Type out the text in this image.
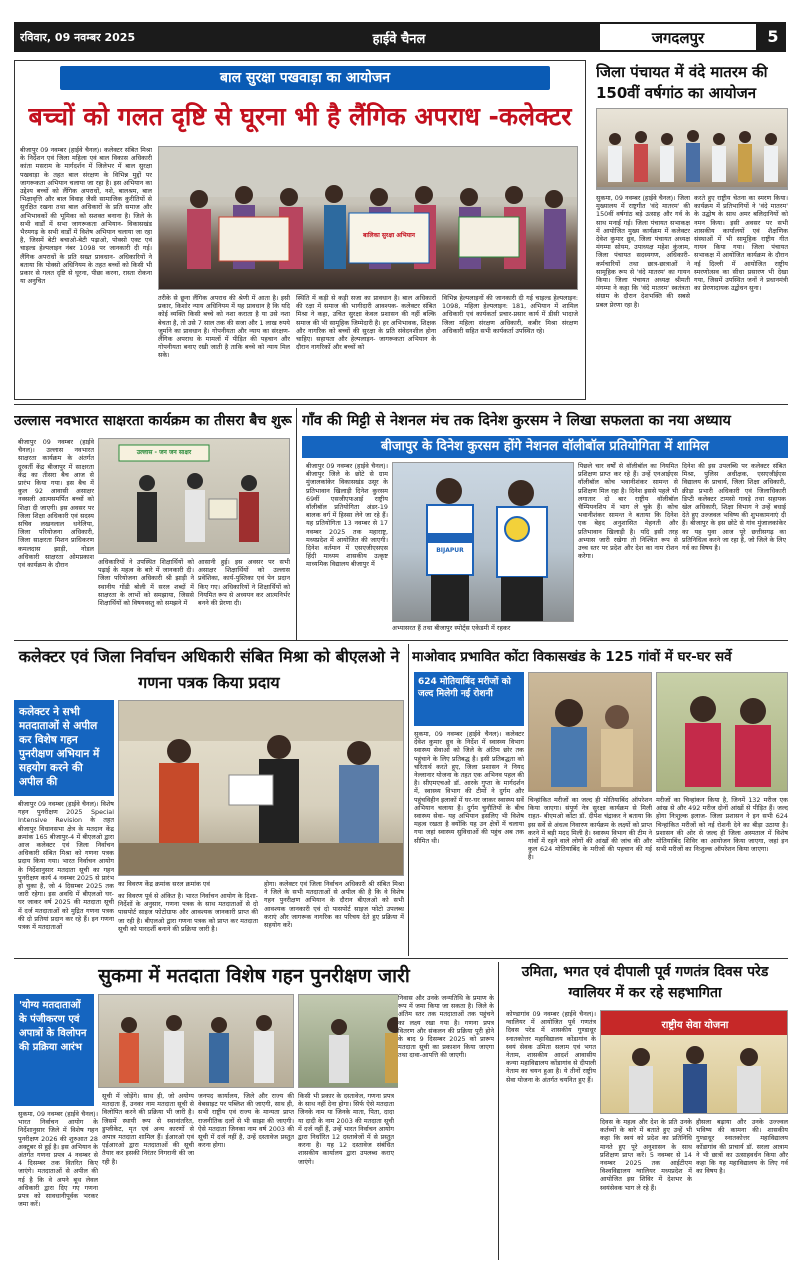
रविवार, 09 नवम्बर 2025	हाईवे चैनल	जगदलपुर	5
बाल सुरक्षा पखवाड़ा का आयोजन
बच्चों को गलत दृष्टि से घूरना भी है लैंगिक अपराध -कलेक्टर
बीजापुर 09 नवम्बर (हाईवे चैनल)। कलेक्टर संबित मिश्रा के निर्देशन एवं जिला महिला एवं बाल विकास अधिकारी कांता मसराम के मार्गदर्शन में जिलेभर में बाल सुरक्षा पखवाड़ा के तहत बाल संरक्षण के विभिन्न मुद्दों पर जागरूकता अभियान चलाया जा रहा है। इस अभियान का उद्देश्य बच्चों को लैंगिक अपराधों, नशे, बालश्रम, बाल भिक्षावृत्ति और बाल विवाह जैसी सामाजिक कुरीतियों से सुरक्षित रखना तथा बाल अधिकारों के प्रति समाज और अभिभावकों की भूमिका को सशक्त बनाना है। जिले के सभी वार्डों में सभा जागरूकता अभियान- विकासखंड भैरमगढ़ के सभी वार्डों में विशेष अभियान चलाया जा रहा है, जिसमें बेटी बचाओ-बेटी पढ़ाओ, पोक्सो एक्ट एवं चाइल्ड हेल्पलाइन नंबर 1098 पर जानकारी दी गई। लैंगिक अपराधों के प्रति सख्त प्रावधान- अधिकारियों ने बताया कि पोक्सो अधिनियम के तहत बच्चों को किसी भी प्रकार से गलत दृष्टि से घूरना, पीछा करना, रास्ता रोकना या अनुचित
बालिका सुरक्षा अभियान
तरीके से छूना लैंगिक अपराध की श्रेणी में आता है। इसी प्रकार, किशोर न्याय अधिनियम में यह प्रावधान है कि यदि कोई व्यक्ति किसी बच्चे को नशा कराता है या उसे नशा बेचता है, तो उसे 7 साल तक की सजा और 1 लाख रुपये जुर्माने का प्रावधान है। गोपनीयता और न्याय का संरक्षण- लैंगिक अपराध के मामलों में पीड़ित की पहचान और गोपनीयता बनाए रखी जाती है ताकि बच्चे को न्याय मिल सके।
स्थिति में कड़ी से कड़ी सजा का प्रावधान है। बाल अधिकारों की रक्षा में समाज की भागीदारी आवश्यक- कलेक्टर संबित मिश्रा ने कहा, उचित सुरक्षा केवल प्रशासन की नहीं बल्कि समाज की भी सामूहिक जिम्मेदारी है। हर अभिभावक, शिक्षक और नागरिक को बच्चों की सुरक्षा के प्रति संवेदनशील होना चाहिए। सहायता और हेल्पलाइन- जागरूकता अभियान के दौरान नागरिकों और बच्चों को
विभिन्न हेल्पलाइनों की जानकारी दी गई चाइल्ड हेल्पलाइन: 1098, महिला हेल्पलाइन: 181, अभियान में शामिल अधिकारी एवं कार्यकर्ता प्रचार-प्रसार कार्य में डीसी भादाजे जिला महिला संरक्षण अधिकारी, कबीर मिश्रा संरक्षण अधिकारी सहित सभी कार्यकर्ता उपस्थित रहे।
जिला पंचायत में वंदे मातरम की 150वीं वर्षगांठ का आयोजन
सुकमा, 09 नवम्बर (हाईवे चैनल)। जिला मुख्यालय में राष्ट्रगीत 'वंदे मातरम' की 150वीं वर्षगांठ बड़े उत्साह और गर्व के साथ मनाई गई। जिला पंचायत सभाकक्ष में आयोजित मुख्य कार्यक्रम में कलेक्टर देवेश कुमार ध्रुव, जिला पंचायत अध्यक्ष मंगम्मा सोयम, उपाध्यक्ष महेश कुंजाम, जिला पंचायत सदस्यगण, अधिकारी-कर्मचारियों तथा छात्र-छात्राओं ने सामूहिक रूप से 'वंदे मातरम' का गायन किया। जिला पंचायत अध्यक्ष श्रीमती मंगम्मा ने कहा कि 'वंदे मातरम' स्वतंत्रता संग्राम के दौरान देशभक्ति की सबसे प्रबल प्रेरणा रहा है।
करते हुए राष्ट्रीय चेतना का स्मरण किया। कार्यक्रम में प्रतिभागियों ने 'वंदे मातरम' के उद्घोष के साथ अमर बलिदानियों को नमन किया। इसी अवसर पर सभी शासकीय कार्यालयों एवं शैक्षणिक संस्थाओं में भी सामूहिक राष्ट्रीय गीत गायन किया गया। जिला पंचायत सभाकक्ष में आयोजित कार्यक्रम के दौरान नई दिल्ली में आयोजित राष्ट्रीय स्मरणोत्सव का सीधा प्रसारण भी देखा गया, जिसमें उपस्थित जनों ने प्रधानमंत्री का प्रेरणादायक उद्बोधन सुना।
उल्लास नवभारत साक्षरता कार्यक्रम का तीसरा बैच शुरू
बीजापुर 09 नवम्बर (हाईवे चैनल)। उल्लास नवभारत साक्षरता कार्यक्रम के अंतर्गत दूरवर्ती केंद्र बीजापुर में साक्षरता केंद्र का तीसरा बैच आज से प्रारंभ किया गया। इस बैच में कुल 92 आवासी असाक्षर नक्सली आत्मसमर्पित बच्चों को शिक्षा दी जाएगी। इस अवसर पर जिला शिक्षा अधिकारी एवं सदस्य सचिव लखनलाल धनेलिया, जिला परियोजना अधिकारी, जिला साक्षरता मिशन प्राधिकरण कमलदास झाड़ी, नोडल अधिकारी साक्षरता ओमप्रकाश एवं कार्यक्रम के दौरान
उल्लास - जन जन साक्षर
अधिकारियों ने उपस्थित शिक्षार्थियों को पढ़ाई के महत्व के बारे में जानकारी दी। जिला परियोजना अधिकारी श्री झाड़ी ने स्थानीय गोंडी बोली में सरल शब्दों में साक्षरता के लाभों को समझाया, जिससे शिक्षार्थियों को विषयवस्तु को समझने में
आसानी हुई। इस अवसर पर सभी असाक्षर शिक्षार्थियों को उल्लास प्रवेशिका, कार्य-पुस्तिका एवं पेन प्रदान किए गए। अधिकारियों ने शिक्षार्थियों को नियमित रूप से अध्ययन कर आत्मनिर्भर बनने की प्रेरणा दी।
गाँव की मिट्टी से नेशनल मंच तक दिनेश कुरसम ने लिखा सफलता का नया अध्याय
बीजापुर के दिनेश कुरसम होंगे नेशनल वॉलीबॉल प्रतियोगिता में शामिल
बीजापुर 09 नवम्बर (हाईवे चैनल)। बीजापुर जिले के छोटे से ग्राम मुंजालकांकेर विकासखंड उसूर के प्रतिभावान खिलाड़ी दिनेश कुरसम 69वीं एसजीएफआई राष्ट्रीय वॉलीबॉल प्रतियोगिता अंडर-19 बालक वर्ग में हिस्सा लेने जा रहे हैं। यह प्रतियोगिता 13 नवम्बर से 17 नवम्बर 2025 तक महाराष्ट्र, मध्यप्रदेश में आयोजित की जाएगी। दिनेश वर्तमान में एसएजीएसएस हिंदी माध्यम शासकीय उत्कृष्ट माध्यमिक विद्यालय बीजापुर में
BIJAPUR
अभ्यासरत हैं तथा बीजापुर स्पोर्ट्स एकेडमी में रहकर
पिछले चार वर्षों से वॉलीबॉल का नियमित प्रशिक्षण प्राप्त कर रहे हैं। उन्हें एनआईएस वॉलीबॉल कोच भवानीशंकर सामन्त से प्रशिक्षण मिल रहा है। दिनेश इससे पहले भी लगातार दो बार राष्ट्रीय वॉलीबॉल चैम्पियनशिप में भाग ले चुके हैं। कोच भवानीशंकर सामन्त ने बताया कि दिनेश एक बेहद अनुशासित मेहनती और प्रतिभावान खिलाड़ी है। यदि इसी तरह अभ्यास जारी रखेगा तो निश्चित रूप से उच्च स्तर पर प्रदेश और देश का नाम रोशन करेगा।
दिनेश की इस उपलब्धि पर कलेक्टर संबित मिश्रा, पुलिस अधीक्षक, एसएजीईएस विद्यालय के प्राचार्य, जिला शिक्षा अधिकारी, क्रीड़ा प्रभारी अधिकारी एवं जिलाधिकारी डिप्टी कलेक्टर टामसो गावड़े तथा सहायक खेल अधिकारी, शिक्षा विभाग ने उन्हें बधाई देते हुए उज्जवल भविष्य की शुभकामनाएं दी हैं। बीजापुर के इस छोटे से गांव मुंजालकांकेर का यह युवा आज पूरे छत्तीसगढ़ का प्रतिनिधित्व करने जा रहा है, जो जिले के लिए गर्व का विषय है।
कलेक्टर एवं जिला निर्वाचन अधिकारी संबित मिश्रा को बीएलओ ने गणना पत्रक किया प्रदाय
कलेक्टर ने सभी मतदाताओं से अपील कर विशेष गहन पुनरीक्षण अभियान में सहयोग करने की अपील की
बीजापुर 09 नवम्बर (हाईवे चैनल)। विशेष गहन पुनरीक्षण 2025 Special Intensive Revision के तहत बीजापुर विधानसभा क्षेत्र के मतदान केंद्र क्रमांक 165 बीजापुर-4 में बीएलओ द्वारा आज कलेक्टर एवं जिला निर्वाचन अधिकारी संबित मिश्रा को गणना पत्रक प्रदाय किया गया। भारत निर्वाचन आयोग के निर्देशानुसार मतदाता सूची का गहन पुनरीक्षण कार्य 4 नवम्बर 2025 से प्रारंभ हो चुका है, जो 4 दिसम्बर 2025 तक जारी रहेगा। इस अवधि में बीएलओ घर-घर जाकर वर्ष 2025 की मतदाता सूची में दर्ज मतदाताओं को मुद्रित गणना पत्रक की दो प्रतियां प्रदान कर रहे हैं। इन गणना पत्रक में मतदाताओं
का विवरण केंद्र क्रमांक सरल क्रमांक एवं
का विवरण पूर्व से अंकित है। भारत निर्वाचन आयोग के दिशा-निर्देशों के अनुसार, गणना पत्रक के साथ मतदाताओं से दो पासपोर्ट साइज फोटोग्राफ और आवश्यक जानकारी प्राप्त की जा रही है। बीएलओ द्वारा गणना पत्रक को प्राप्त कर मतदाता सूची को पारदर्शी बनाने की प्रक्रिया जारी है।
होगा। कलेक्टर एवं जिला निर्वाचन अधिकारी श्री संबित मिश्रा ने जिले के सभी मतदाताओं से अपील की है कि वे विशेष गहन पुनरीक्षण अभियान के दौरान बीएलओ को सभी आवश्यक जानकारी एवं दो पासपोर्ट साइज फोटो उपलब्ध कराएं और जागरूक नागरिक का परिचय देते हुए प्रक्रिया में सहयोग करें।
माओवाद प्रभावित कोंटा विकासखंड के 125 गांवों में घर-घर सर्वे
624 मोतियाबिंद मरीजों को जल्द मिलेगी नई रोशनी
सुकमा, 09 नवम्बर (हाईवे चैनल)। कलेक्टर देवेश कुमार ध्रुव के निर्देश में स्वास्थ्य विभाग स्वास्थ्य सेवाओं को जिले के अंतिम छोर तक पहुंचाने के लिए प्रतिबद्ध है। इसी प्रतिबद्धता को चरितार्थ करते हुए, जिला प्रशासन ने नियद नेल्लानार योजना के तहत एक अभिनव पहल की है। सीएमएचओ डॉ. आरके गुप्ता के मार्गदर्शन में, स्वास्थ्य विभाग की टीमों ने दुर्गम और पहुंचविहीन इलाकों में घर-घर जाकर स्वास्थ्य सर्वे अभियान चलाया है। दुर्गम चुनौतियों के बीच स्वास्थ्य सेवा- यह अभियान इसलिए भी विशेष महत्व रखता है क्योंकि यह उन क्षेत्रों में चलाया गया जहां स्वास्थ्य सुविधाओं की पहुंच अब तक सीमित थी।
चिन्हांकित मरीजों का जल्द ही मोतियाबिंद ऑपरेशन किया जाएगा। संपूर्ण नेत्र सुरक्षा कार्यक्रम से मिली राहत- बीएमओ कोंटा डॉ. दीपेश चंद्राकर ने बताया कि इस सर्वे से अंधत्व निवारण कार्यक्रम के लक्ष्यों को प्राप्त करने में बड़ी मदद मिली है। स्वास्थ्य विभाग की टीम ने गांवों में रहने वाले लोगों की आंखों की जांच की और कुल 624 मोतियाबिंद के मरीजों की पहचान की गई है।
मरीजों का चिन्हांकन किया है, जिनमें 132 मरीज एक आंख से और 492 मरीज दोनों आंखों से पीड़ित हैं। जल्द होगा निःशुल्क इलाज- जिला प्रशासन ने इन सभी 624 चिन्हांकित मरीजों को नई रोशनी देने का बीड़ा उठाया है। प्रशासन की ओर से जल्द ही जिला अस्पताल में विशेष मोतियाबिंद शिविर का आयोजन किया जाएगा, जहां इन सभी मरीजों का निःशुल्क ऑपरेशन किया जाएगा।
सुकमा में मतदाता विशेष गहन पुनरीक्षण जारी
'योग्य मतदाताओं के पंजीकरण एवं अपात्रों के विलोपन की प्रक्रिया आरंभ
सुकमा, 09 नवम्बर (हाईवे चैनल)। भारत निर्वाचन आयोग के निर्देशानुसार जिले में विशेष गहन पुनरीक्षण 2026 की शुरुआत 28 अक्टूबर से हुई है। इस अभियान के अंतर्गत गणना प्रपत्र 4 नवम्बर से 4 दिसम्बर तक वितरित किए जाएंगे। मतदाताओं से अपील की गई है कि वे अपने बूथ लेवल अधिकारी द्वारा दिए गए गणना प्रपत्र को सावधानीपूर्वक भरकर जमा करें।
सूची में जोड़ेंगे। साथ ही, जो अयोग्य मतदाता हैं, उनका नाम मतदाता सूची से विलोपित करने की प्रक्रिया भी जारी है। जिसमें स्थायी रूप से स्थानांतरित, डुप्लीकेट, मृत एवं अन्य कारणों से अपात्र मतदाता शामिल हैं। ईआरओ एवं एईआरओ द्वारा मतदाताओं की सूची तैयार कर इसकी निरंतर निगरानी की जा रही है।
जनपद कार्यालय, जिले और राज्य की वेबसाइट पर पब्लिश की जाएगी, साथ ही, सभी राष्ट्रीय एवं राज्य के मान्यता प्राप्त राजनीतिक दलों से भी साझा की जाएगी। ऐसे मतदाता जिनका नाम वर्ष 2003 की सूची में दर्ज नहीं है, उन्हें दस्तावेज प्रस्तुत करना होगा।
किसी भी प्रकार के दस्तावेज, गणना प्रपत्र के साथ नहीं देना होगा। सिर्फ ऐसे मतदाता जिनके नाम या जिनके माता, पिता, दादा या दादी के नाम 2003 की मतदाता सूची में दर्ज नहीं हैं, उन्हें भारत निर्वाचन आयोग द्वारा निर्धारित 12 दस्तावेजों में से प्रस्तुत करना है। यह 12 दस्तावेज संबंधित शासकीय कार्यालय द्वारा उपलब्ध कराए जाएंगे।
निवास और उनके जन्मतिथि के प्रमाण के रूप में जमा किया जा सकता है। जिले के अंतिम स्तर तक मतदाताओं तक पहुंचने का लक्ष्य रखा गया है। गणना प्रपत्र वितरण और संकलन की प्रक्रिया पूरी होने के बाद 9 दिसम्बर 2025 को प्रारूप मतदाता सूची का प्रकाशन किया जाएगा तथा दावा-आपत्ति की जाएगी।
उमिता, भगत एवं दीपाली पूर्व गणतंत्र दिवस परेड ग्वालियर में कर रहे सहभागिता
कोण्डागांव 09 नवम्बर (हाईवे चैनल)। ग्वालियर में आयोजित पूर्व गणतंत्र दिवस परेड में शासकीय गुण्डाधूर स्नातकोत्तर महाविद्यालय कोंडागांव के स्वयं सेवक उमिता सलाम एवं भगत नेताम, शासकीय आदर्श आवासीय कन्या महाविद्यालय कोंडागांव से दीपाली नेताम का चयन हुआ है। ये तीनों राष्ट्रीय सेवा योजना के अंतर्गत चयनित हुए हैं।
राष्ट्रीय सेवा योजना
दिवस के महत्व और देश के प्रति उनके कर्तव्यों के बारे में बताते हुए उन्हें भी कहा कि स्वयं को प्रदेश का प्रतिनिधि मानते हुए पूरे अनुशासन के साथ प्रशिक्षण प्राप्त करें। 5 नवम्बर से 14 नवम्बर 2025 तक आईटीएम विश्वविद्यालय ग्वालियर मध्यप्रदेश में आयोजित इस शिविर में देशभर के स्वयंसेवक भाग ले रहे हैं।
हौसला बढ़ाया और उनके उज्ज्वल भविष्य की कामना की। शासकीय गुण्डाधूर स्नातकोत्तर महाविद्यालय कोंडागांव की प्राचार्य डॉ. सरला आत्राम ने भी छात्रों का उत्साहवर्धन किया और कहा कि यह महाविद्यालय के लिए गर्व का विषय है।
